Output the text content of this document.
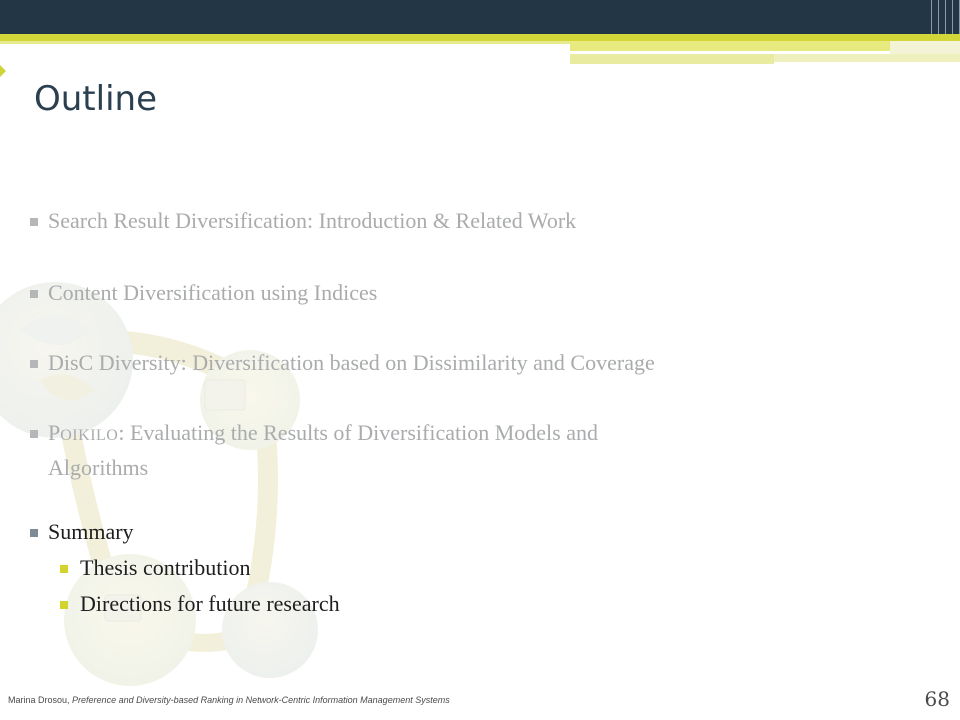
Outline
Search Result Diversification: Introduction & Related Work
Content Diversification using Indices
DisC Diversity: Diversification based on Dissimilarity and Coverage
POIKILO: Evaluating the Results of Diversification Models and
Algorithms
Summary
Thesis contribution
Directions for future research
Marina Drosou, Preference and Diversity-based Ranking in Network-Centric Information Management Systems	68
